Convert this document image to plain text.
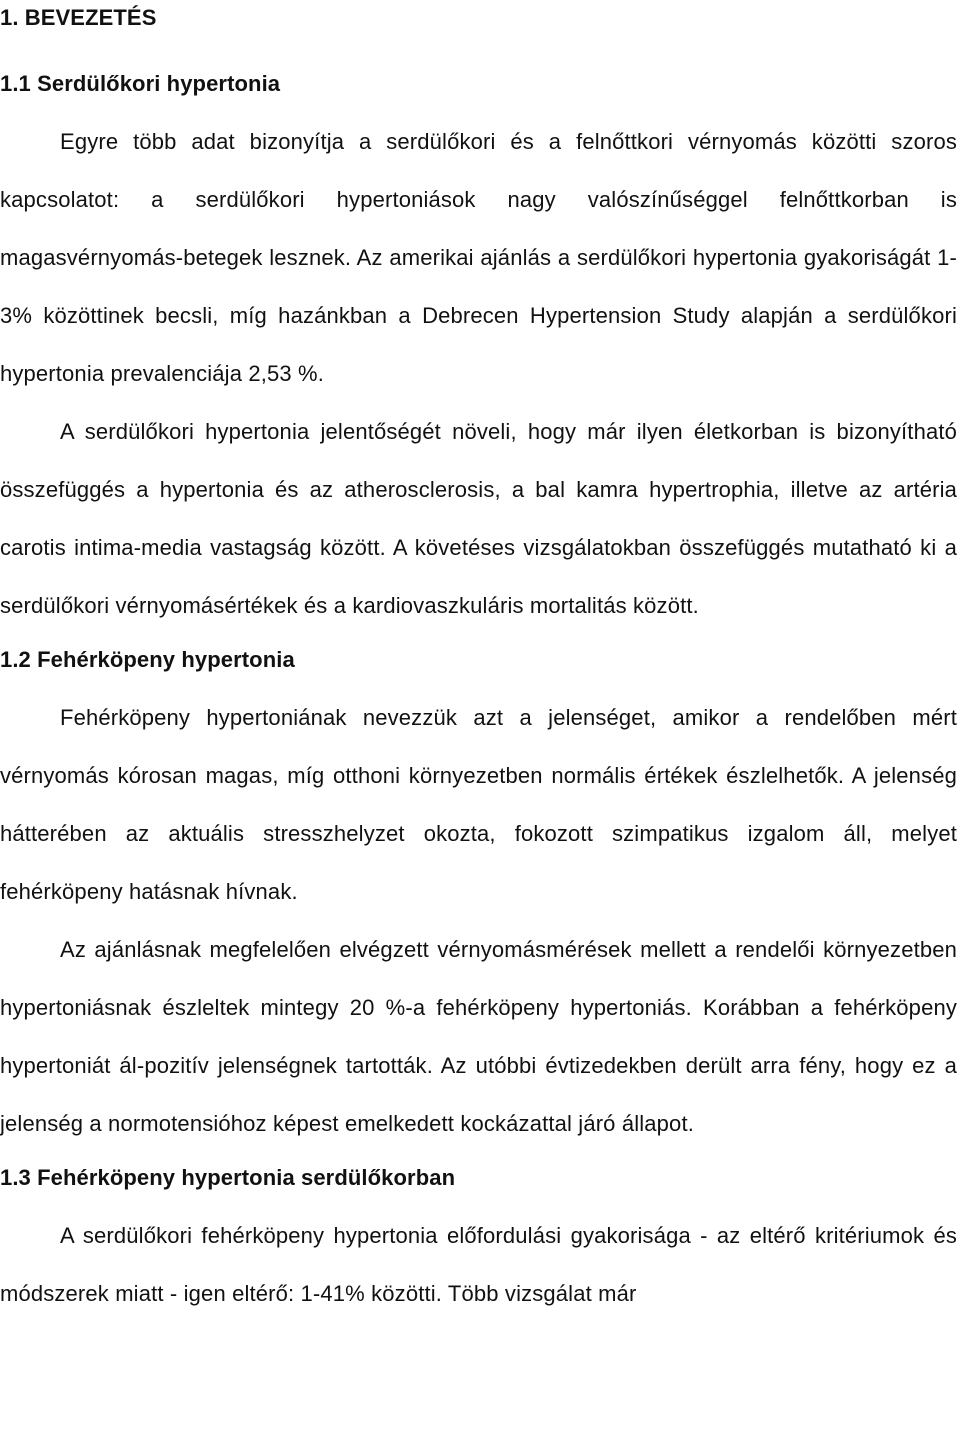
1. BEVEZETÉS
1.1 Serdülőkori hypertonia

Egyre több adat bizonyítja a serdülőkori és a felnőttkori vérnyomás közötti szoros kapcsolatot: a serdülőkori hypertoniások nagy valószínűséggel felnőttkorban is magasvérnyomás-betegek lesznek. Az amerikai ajánlás a serdülőkori hypertonia gyakoriságát 1-3% közöttinek becsli, míg hazánkban a Debrecen Hypertension Study alapján a serdülőkori hypertonia prevalenciája 2,53 %.

A serdülőkori hypertonia jelentőségét növeli, hogy már ilyen életkorban is bizonyítható összefüggés a hypertonia és az atherosclerosis, a bal kamra hypertrophia, illetve az artéria carotis intima-media vastagság között. A követéses vizsgálatokban összefüggés mutatható ki a serdülőkori vérnyomásértékek és a kardiovaszkuláris mortalitás között.

1.2 Fehérköpeny hypertonia

Fehérköpeny hypertoniának nevezzük azt a jelenséget, amikor a rendelőben mért vérnyomás kórosan magas, míg otthoni környezetben normális értékek észlelhetők. A jelenség hátterében az aktuális stresszhelyzet okozta, fokozott szimpatikus izgalom áll, melyet fehérköpeny hatásnak hívnak.

Az ajánlásnak megfelelően elvégzett vérnyomásmérések mellett a rendelői környezetben hypertoniásnak észleltek mintegy 20 %-a fehérköpeny hypertoniás. Korábban a fehérköpeny hypertoniát ál-pozitív jelenségnek tartották. Az utóbbi évtizedekben derült arra fény, hogy ez a jelenség a normotensióhoz képest emelkedett kockázattal járó állapot.

1.3 Fehérköpeny hypertonia serdülőkorban

A serdülőkori fehérköpeny hypertonia előfordulási gyakorisága - az eltérő kritériumok és módszerek miatt - igen eltérő: 1-41% közötti. Több vizsgálat már
